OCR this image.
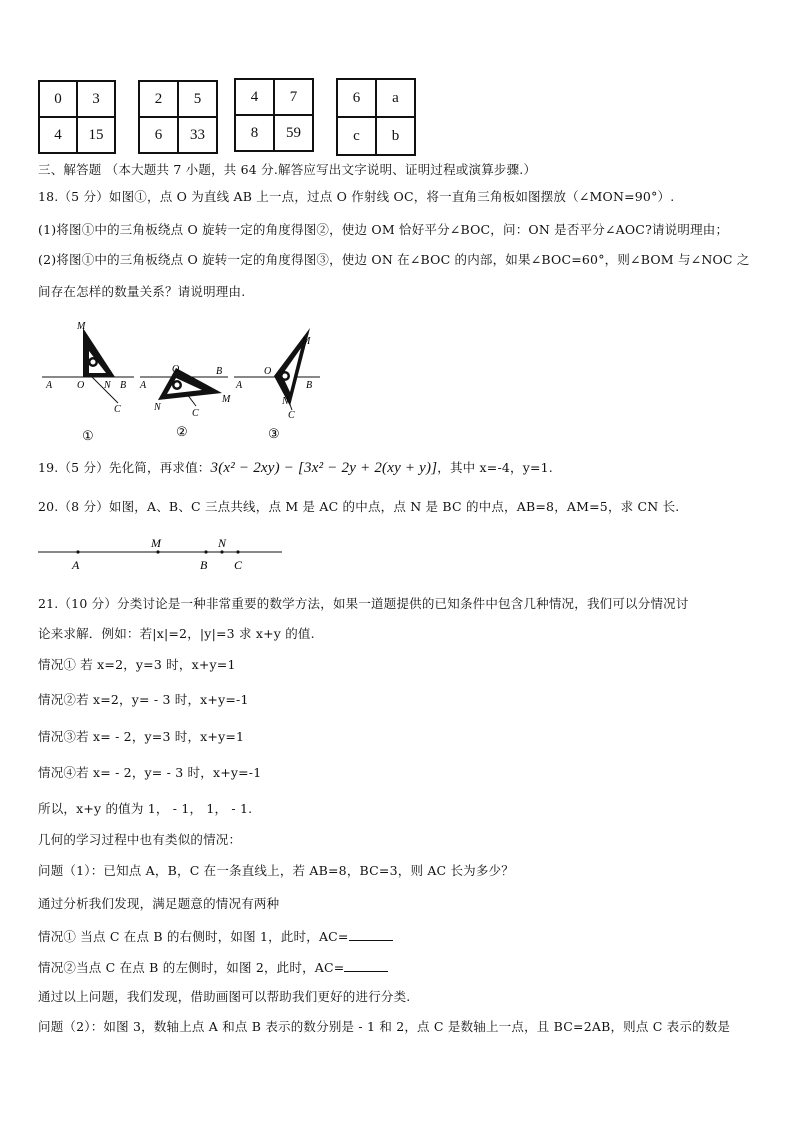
0	3
4	15
2	5
6	33
4	7
8	59
6	a
c	b
三、解答题 （本大题共 7 小题，共 64 分.解答应写出文字说明、证明过程或演算步骤.）
18.（5 分）如图①，点 O 为直线 AB 上一点，过点 O 作射线 OC，将一直角三角板如图摆放（∠MON=90°）.
(1)将图①中的三角板绕点 O 旋转一定的角度得图②，使边 OM 恰好平分∠BOC，问：ON 是否平分∠AOC?请说明理由；
(2)将图①中的三角板绕点 O 旋转一定的角度得图③，使边 ON 在∠BOC 的内部，如果∠BOC=60°，则∠BOM 与∠NOC 之
间存在怎样的数量关系？请说明理由.
M
A O N B
C
①
O
A
B
N
C
M
②
M
A
O
B
N
C
③
19.（5 分）先化简，再求值：3(x² − 2xy) − [3x² − 2y + 2(xy + y)]，其中 x=-4，y=1.
20.（8 分）如图，A、B、C 三点共线，点 M 是 AC 的中点，点 N 是 BC 的中点，AB=8，AM=5，求 CN 长.
M	N
A	B C
21.（10 分）分类讨论是一种非常重要的数学方法，如果一道题提供的已知条件中包含几种情况，我们可以分情况讨
论来求解．例如：若|x|=2，|y|=3 求 x+y 的值.
情况① 若 x=2，y=3 时，x+y=1
情况②若 x=2，y= - 3 时，x+y=-1
情况③若 x= - 2，y=3 时，x+y=1
情况④若 x= - 2，y= - 3 时，x+y=-1
所以，x+y 的值为 1， - 1， 1， - 1.
几何的学习过程中也有类似的情况：
问题（1）：已知点 A，B，C 在一条直线上，若 AB=8，BC=3，则 AC 长为多少？
通过分析我们发现，满足题意的情况有两种
情况① 当点 C 在点 B 的右侧时，如图 1，此时，AC=
情况②当点 C 在点 B 的左侧时，如图 2，此时，AC=
通过以上问题，我们发现，借助画图可以帮助我们更好的进行分类.
问题（2）：如图 3，数轴上点 A 和点 B 表示的数分别是 - 1 和 2，点 C 是数轴上一点，且 BC=2AB，则点 C 表示的数是
